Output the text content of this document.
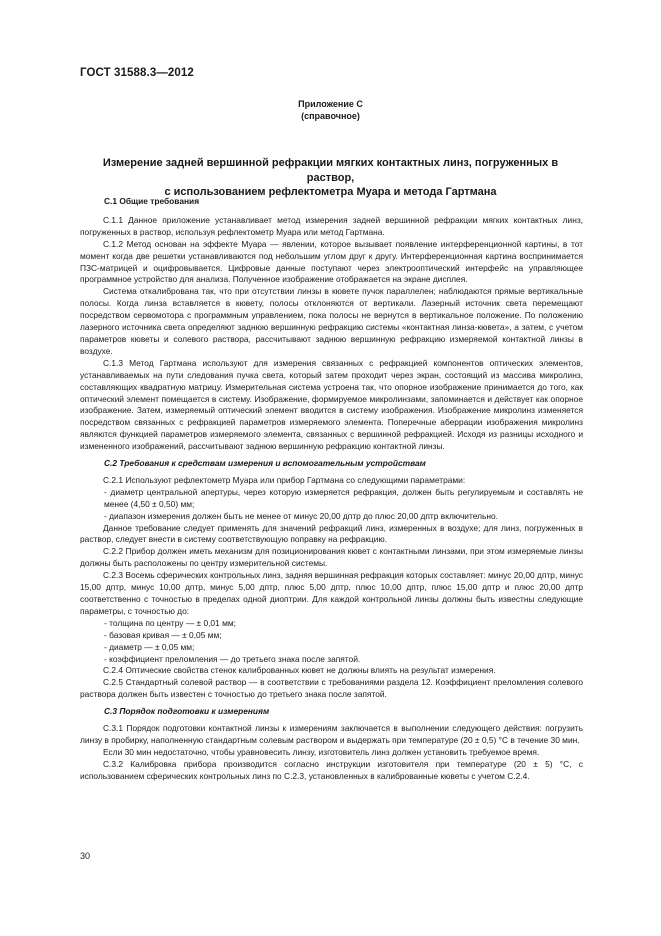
ГОСТ 31588.3—2012
Приложение С
(справочное)
Измерение задней вершинной рефракции мягких контактных линз, погруженных в раствор,
с использованием рефлектометра Муара и метода Гартмана
С.1 Общие требования

С.1.1 Данное приложение устанавливает метод измерения задней вершинной рефракции мягких контактных линз, погруженных в раствор, используя рефлектометр Муара или метод Гартмана.

С.1.2 Метод основан на эффекте Муара — явлении, которое вызывает появление интерференционной картины, в тот момент когда две решетки устанавливаются под небольшим углом друг к другу. Интерференционная картина воспринимается ПЗС-матрицей и оцифровывается. Цифровые данные поступают через электрооптический интерфейс на управляющее программное устройство для анализа. Полученное изображение отображается на экране дисплея.

Система откалибрована так, что при отсутствии линзы в кювете пучок параллелен; наблюдаются прямые вертикальные полосы. Когда линза вставляется в кювету, полосы отклоняются от вертикали. Лазерный источник света перемещают посредством сервомотора с программным управлением, пока полосы не вернутся в вертикальное положение. По положению лазерного источника света определяют заднюю вершинную рефракцию системы «контактная линза-кювета», а затем, с учетом параметров кюветы и солевого раствора, рассчитывают заднюю вершинную рефракцию измеряемой контактной линзы в воздухе.

С.1.3 Метод Гартмана используют для измерения связанных с рефракцией компонентов оптических элементов, устанавливаемых на пути следования пучка света, который затем проходит через экран, состоящий из массива микролинз, составляющих квадратную матрицу. Измерительная система устроена так, что опорное изображение принимается до того, как оптический элемент помещается в систему. Изображение, формируемое микролинзами, запоминается и действует как опорное изображение. Затем, измеряемый оптический элемент вводится в систему изображения. Изображение микролинз изменяется посредством связанных с рефракцией параметров измеряемого элемента. Поперечные аберрации изображения микролинз являются функцией параметров измеряемого элемента, связанных с вершинной рефракцией. Исходя из разницы исходного и измененного изображений, рассчитывают заднюю вершинную рефракцию контактной линзы.

С.2 Требования к средствам измерения и вспомогательным устройствам

С.2.1 Используют рефлектометр Муара или прибор Гартмана со следующими параметрами:

- диаметр центральной апертуры, через которую измеряется рефракция, должен быть регулируемым и составлять не менее (4,50 ± 0,50) мм;

- диапазон измерения должен быть не менее от минус 20,00 дптр до плюс 20,00 дптр включительно.

Данное требование следует применять для значений рефракций линз, измеренных в воздухе; для линз, погруженных в раствор, следует внести в систему соответствующую поправку на рефракцию.

С.2.2 Прибор должен иметь механизм для позиционирования кювет с контактными линзами, при этом измеряемые линзы должны быть расположены по центру измерительной системы.

С.2.3 Восемь сферических контрольных линз, задняя вершинная рефракция которых составляет: минус 20,00 дптр, минус 15,00 дптр, минус 10,00 дптр, минус 5,00 дптр, плюс 5,00 дптр, плюс 10,00 дптр, плюс 15,00 дптр и плюс 20,00 дптр соответственно с точностью в пределах одной диоптрии. Для каждой контрольной линзы должны быть известны следующие параметры, с точностью до:

- толщина по центру — ± 0,01 мм;

- базовая кривая — ± 0,05 мм;

- диаметр — ± 0,05 мм;

- коэффициент преломления — до третьего знака после запятой.

С.2.4 Оптические свойства стенок калиброванных кювет не должны влиять на результат измерения.

С.2.5 Стандартный солевой раствор — в соответствии с требованиями раздела 12. Коэффициент преломления солевого раствора должен быть известен с точностью до третьего знака после запятой.

С.3 Порядок подготовки к измерениям

С.3.1 Порядок подготовки контактной линзы к измерениям заключается в выполнении следующего действия: погрузить линзу в пробирку, наполненную стандартным солевым раствором и выдержать при температуре (20 ± 0,5) °С в течение 30 мин.

Если 30 мин недостаточно, чтобы уравновесить линзу, изготовитель линз должен установить требуемое время.

С.3.2 Калибровка прибора производится согласно инструкции изготовителя при температуре (20 ± 5) °С, с использованием сферических контрольных линз по С.2.3, установленных в калиброванные кюветы с учетом С.2.4.

30
